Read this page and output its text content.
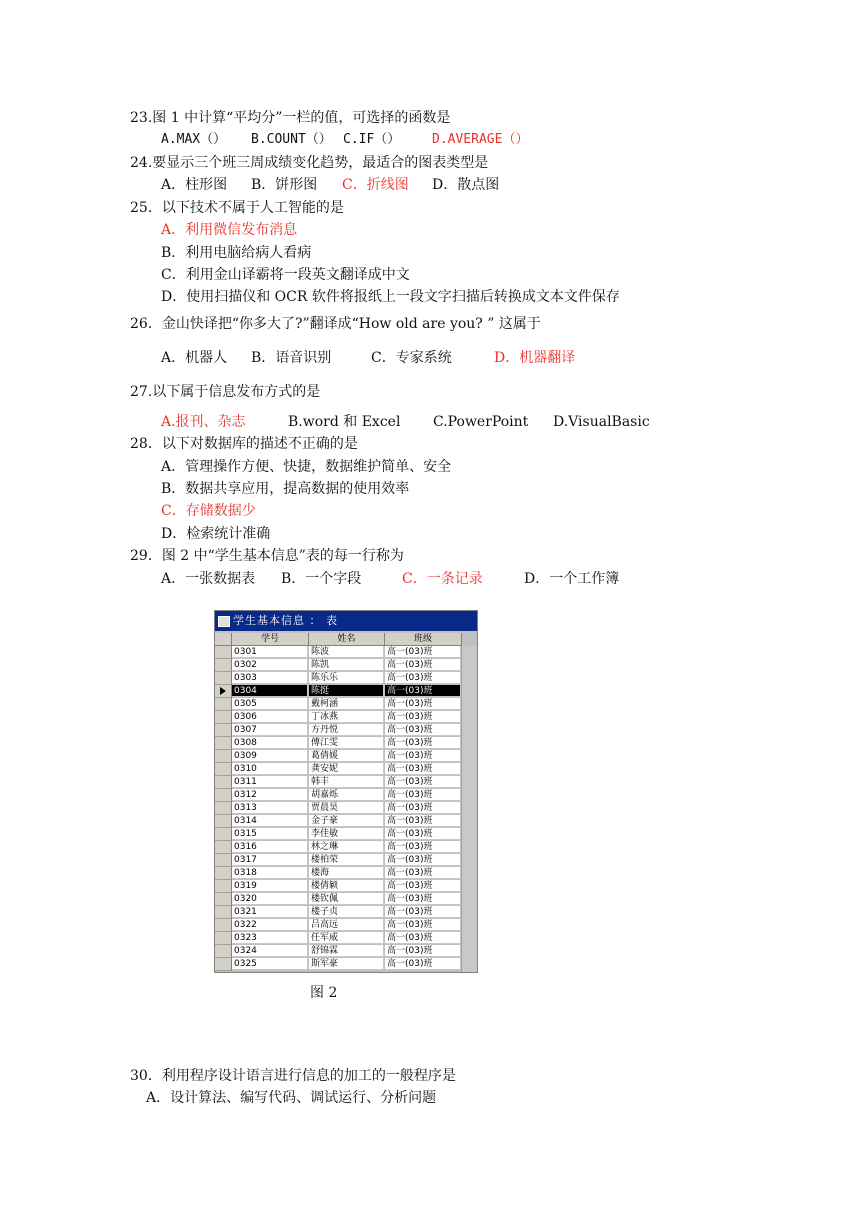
23.图 1 中计算“平均分”一栏的值，可选择的函数是
A.MAX（） B.COUNT（） C.IF（） D.AVERAGE（）
24.要显示三个班三周成绩变化趋势，最适合的图表类型是
A．柱形图 B．饼形图 C．折线图 D．散点图
25．以下技术不属于人工智能的是
A．利用微信发布消息
B．利用电脑给病人看病
C．利用金山译霸将一段英文翻译成中文
D．使用扫描仪和 OCR 软件将报纸上一段文字扫描后转换成文本文件保存
26．金山快译把“你多大了?”翻译成“How old are you? ” 这属于
A．机器人 B．语音识别	C．专家系统	D．机器翻译
27.以下属于信息发布方式的是
A.报刊、杂志	B.word 和 Excel C.PowerPoint D.VisualBasic
28．以下对数据库的描述不正确的是
A．管理操作方便、快捷，数据维护简单、安全
B．数据共享应用，提高数据的使用效率
C．存储数据少
D．检索统计准确
29．图 2 中“学生基本信息”表的每一行称为
A．一张数据表 B．一个字段	C．一条记录	D．一个工作簿
学生基本信息 ： 表
学号	姓名	班级
0301	陈波	高一(03)班
0302	陈凯	高一(03)班
0303	陈乐乐	高一(03)班
0304	陈挺	高一(03)班
0305	戴柯涵	高一(03)班
0306	丁冰燕	高一(03)班
0307	方丹悦	高一(03)班
0308	傅江雯	高一(03)班
0309	葛倩媛	高一(03)班
0310	龚安妮	高一(03)班
0311	韩丰	高一(03)班
0312	胡嘉烁	高一(03)班
0313	贾晨昊	高一(03)班
0314	金子豪	高一(03)班
0315	李佳敏	高一(03)班
0316	林之琳	高一(03)班
0317	楼柏荣	高一(03)班
0318	楼海	高一(03)班
0319	楼倩颖	高一(03)班
0320	楼钦佩	高一(03)班
0321	楼子贞	高一(03)班
0322	吕高远	高一(03)班
0323	任军威	高一(03)班
0324	舒锦霖	高一(03)班
0325	斯军豪	高一(03)班
图 2
30．利用程序设计语言进行信息的加工的一般程序是
A．设计算法、编写代码、调试运行、分析问题
